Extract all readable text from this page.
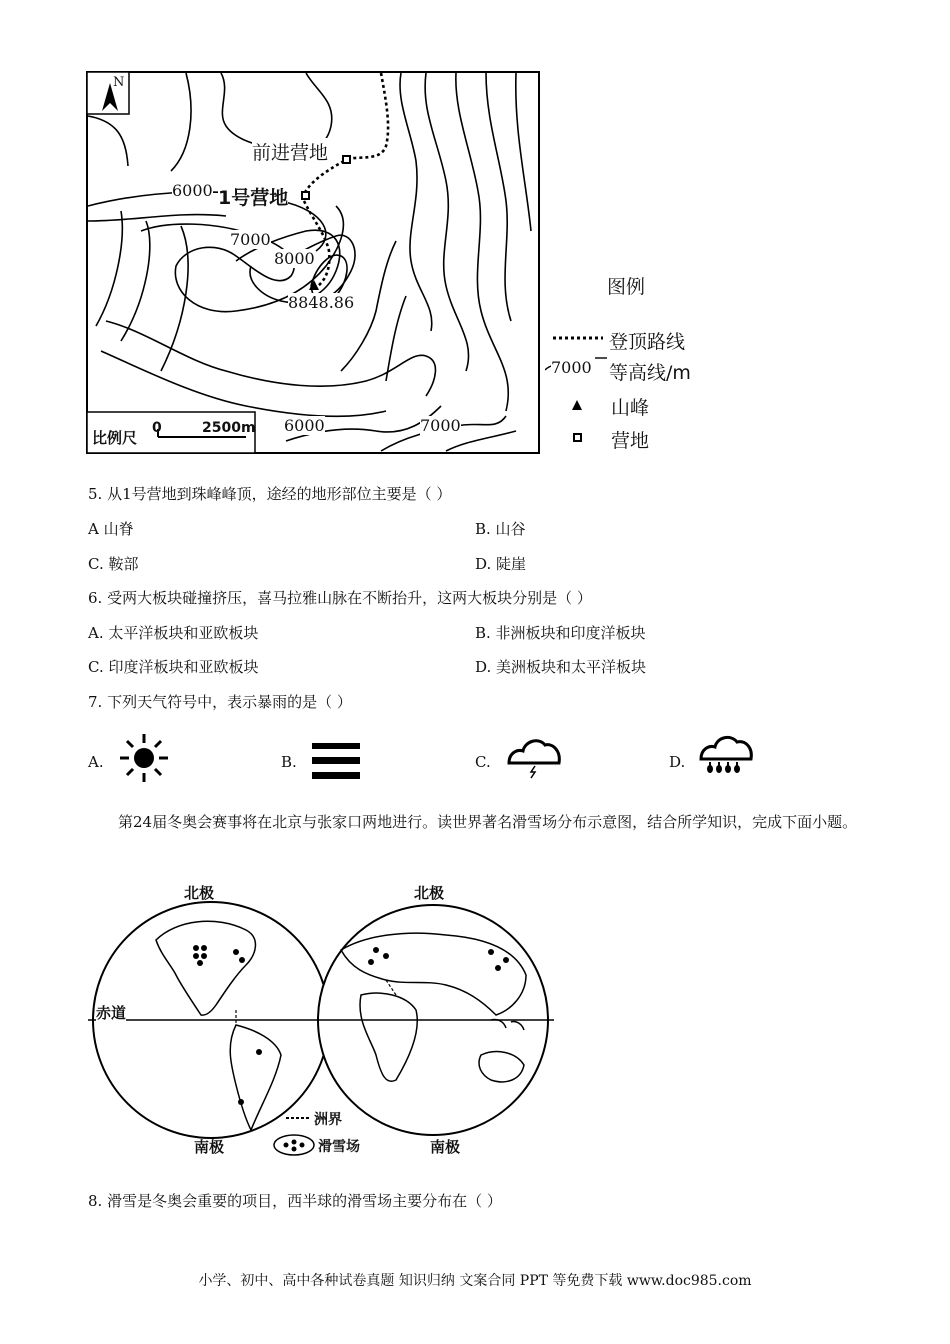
N
前进营地
1号营地
6000
7000
8000
8848.86
6000	7000
比例尺
0	2500m
图例
登顶路线
7000 等高线/m
山峰
营地
5. 从1号营地到珠峰峰顶，途经的地形部位主要是（ ）
A 山脊	B. 山谷
C. 鞍部	D. 陡崖
6. 受两大板块碰撞挤压，喜马拉雅山脉在不断抬升，这两大板块分别是（ ）
A. 太平洋板块和亚欧板块	B. 非洲板块和印度洋板块
C. 印度洋板块和亚欧板块	D. 美洲板块和太平洋板块
7. 下列天气符号中，表示暴雨的是（ ）
A.	B.	C.	D.
第24届冬奥会赛事将在北京与张家口两地进行。读世界著名滑雪场分布示意图，结合所学知识，完成下面小题。
北极	北极
赤道
南极	南极
洲界
滑雪场
8. 滑雪是冬奥会重要的项目，西半球的滑雪场主要分布在（ ）
小学、初中、高中各种试卷真题 知识归纳 文案合同 PPT 等免费下载 www.doc985.com
